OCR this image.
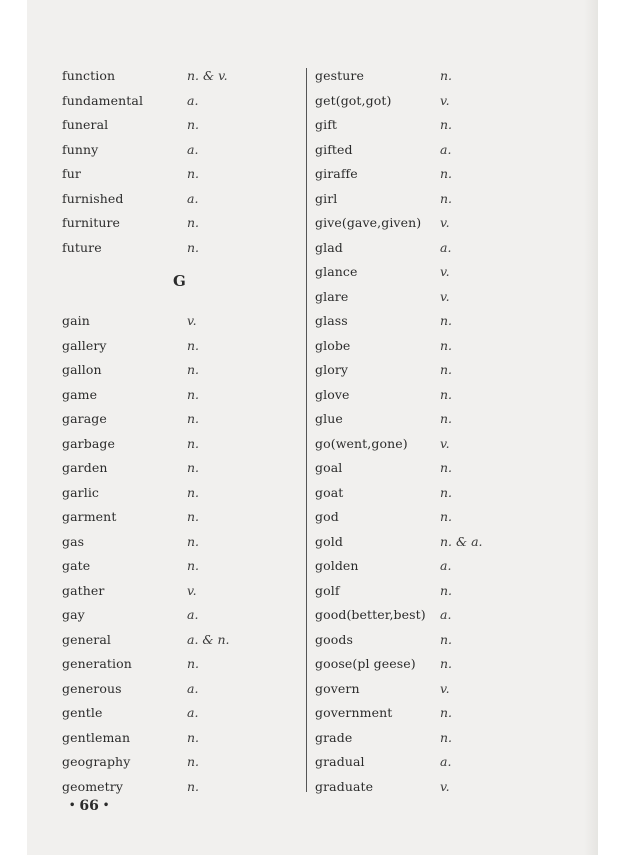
function	n. & v.
fundamental	a.
funeral	n.
funny	a.
fur	n.
furnished	a.
furniture	n.
future	n.
gain	v.
gallery	n.
gallon	n.
game	n.
garage	n.
garbage	n.
garden	n.
garlic	n.
garment	n.
gas	n.
gate	n.
gather	v.
gay	a.
general	a. & n.
generation	n.
generous	a.
gentle	a.
gentleman	n.
geography	n.
geometry	n.
G
gesture	n.
get(got,got)	v.
gift	n.
gifted	a.
giraffe	n.
girl	n.
give(gave,given) v.
glad	a.
glance	v.
glare	v.
glass	n.
globe	n.
glory	n.
glove	n.
glue	n.
go(went,gone)	v.
goal	n.
goat	n.
god	n.
gold	n. & a.
golden	a.
golf	n.
good(better,best) a.
goods	n.
goose(pl geese) n.
govern	v.
government	n.
grade	n.
gradual	a.
graduate	v.
• 66 •
